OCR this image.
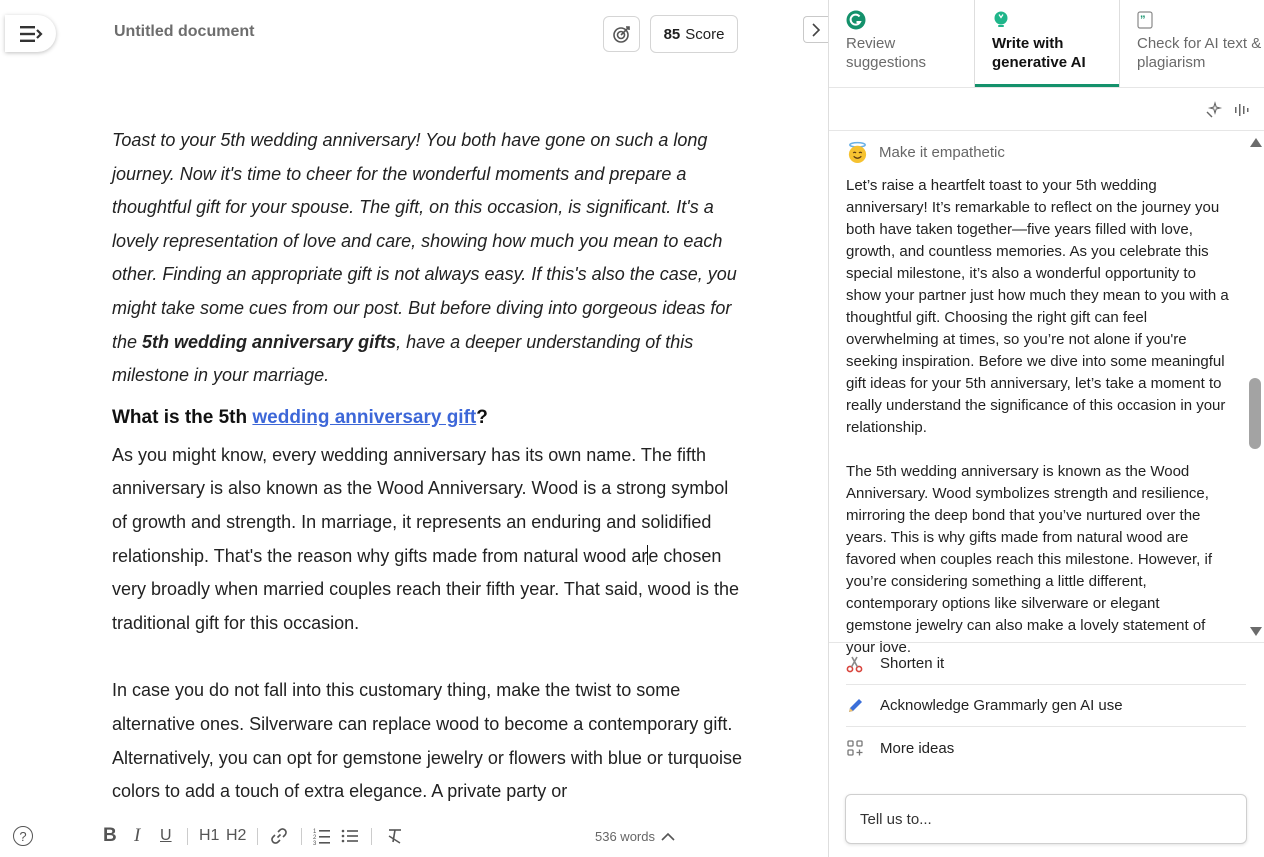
Untitled document	85 Score

Toast to your 5th wedding anniversary! You both have gone on such a long journey. Now it's time to cheer for the wonderful moments and prepare a thoughtful gift for your spouse. The gift, on this occasion, is significant. It's a lovely representation of love and care, showing how much you mean to each other. Finding an appropriate gift is not always easy. If this's also the case, you might take some cues from our post. But before diving into gorgeous ideas for the 5th wedding anniversary gifts, have a deeper understanding of this milestone in your marriage.

What is the 5th wedding anniversary gift?

As you might know, every wedding anniversary has its own name. The fifth anniversary is also known as the Wood Anniversary. Wood is a strong symbol of growth and strength. In marriage, it represents an enduring and solidified relationship. That's the reason why gifts made from natural wood are chosen very broadly when married couples reach their fifth year. That said, wood is the traditional gift for this occasion.

In case you do not fall into this customary thing, make the twist to some alternative ones. Silverware can replace wood to become a contemporary gift. Alternatively, you can opt for gemstone jewelry or flowers with blue or turquoise colors to add a touch of extra elegance. A private party or

?	B I U H1 H2	1
2
3	536 words
Review suggestions
Write with generative AI
”
Check for AI text & plagiarism
Make it empathetic

Let’s raise a heartfelt toast to your 5th wedding anniversary! It’s remarkable to reflect on the journey you both have taken together—five years filled with love, growth, and countless memories. As you celebrate this special milestone, it’s also a wonderful opportunity to show your partner just how much they mean to you with a thoughtful gift. Choosing the right gift can feel overwhelming at times, so you’re not alone if you're seeking inspiration. Before we dive into some meaningful gift ideas for your 5th anniversary, let’s take a moment to really understand the significance of this occasion in your relationship.

The 5th wedding anniversary is known as the Wood Anniversary. Wood symbolizes strength and resilience, mirroring the deep bond that you’ve nurtured over the years. This is why gifts made from natural wood are favored when couples reach this milestone. However, if you’re considering something a little different, contemporary options like silverware or elegant gemstone jewelry can also make a lovely statement of your love.

Shorten it
Acknowledge Grammarly gen AI use
More ideas
Tell us to...
